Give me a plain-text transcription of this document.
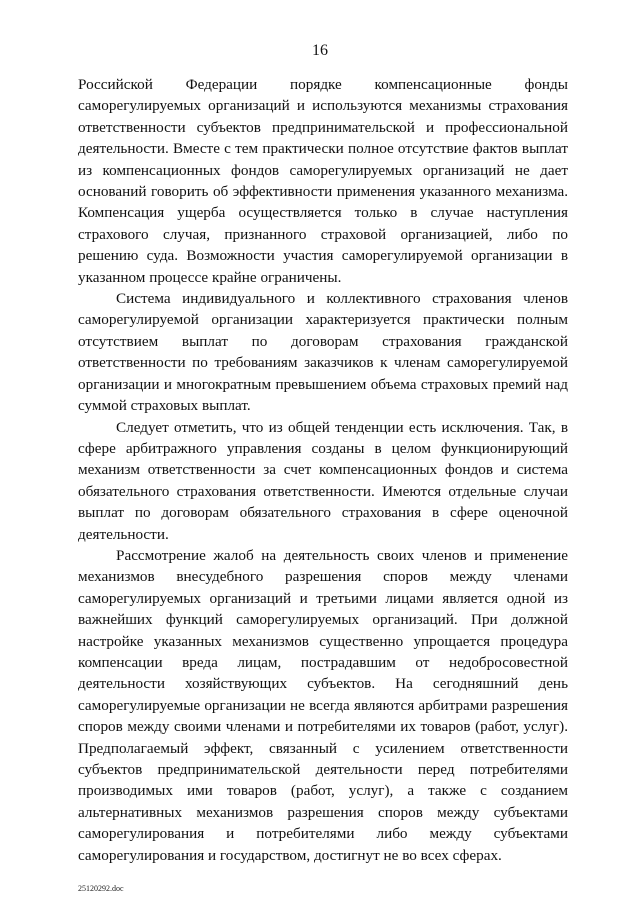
16

Российской Федерации порядке компенсационные фонды саморегулируемых организаций и используются механизмы страхования ответственности субъектов предпринимательской и профессиональной деятельности. Вместе с тем практически полное отсутствие фактов выплат из компенсационных фондов саморегулируемых организаций не дает оснований говорить об эффективности применения указанного механизма. Компенсация ущерба осуществляется только в случае наступления страхового случая, признанного страховой организацией, либо по решению суда. Возможности участия саморегулируемой организации в указанном процессе крайне ограничены.

Система индивидуального и коллективного страхования членов саморегулируемой организации характеризуется практически полным отсутствием выплат по договорам страхования гражданской ответственности по требованиям заказчиков к членам саморегулируемой организации и многократным превышением объема страховых премий над суммой страховых выплат.

Следует отметить, что из общей тенденции есть исключения. Так, в сфере арбитражного управления созданы в целом функционирующий механизм ответственности за счет компенсационных фондов и система обязательного страхования ответственности. Имеются отдельные случаи выплат по договорам обязательного страхования в сфере оценочной деятельности.

Рассмотрение жалоб на деятельность своих членов и применение механизмов внесудебного разрешения споров между членами саморегулируемых организаций и третьими лицами является одной из важнейших функций саморегулируемых организаций. При должной настройке указанных механизмов существенно упрощается процедура компенсации вреда лицам, пострадавшим от недобросовестной деятельности хозяйствующих субъектов. На сегодняшний день саморегулируемые организации не всегда являются арбитрами разрешения споров между своими членами и потребителями их товаров (работ, услуг). Предполагаемый эффект, связанный с усилением ответственности субъектов предпринимательской деятельности перед потребителями производимых ими товаров (работ, услуг), а также с созданием альтернативных механизмов разрешения споров между субъектами саморегулирования и потребителями либо между субъектами саморегулирования и государством, достигнут не во всех сферах.

25120292.doc
